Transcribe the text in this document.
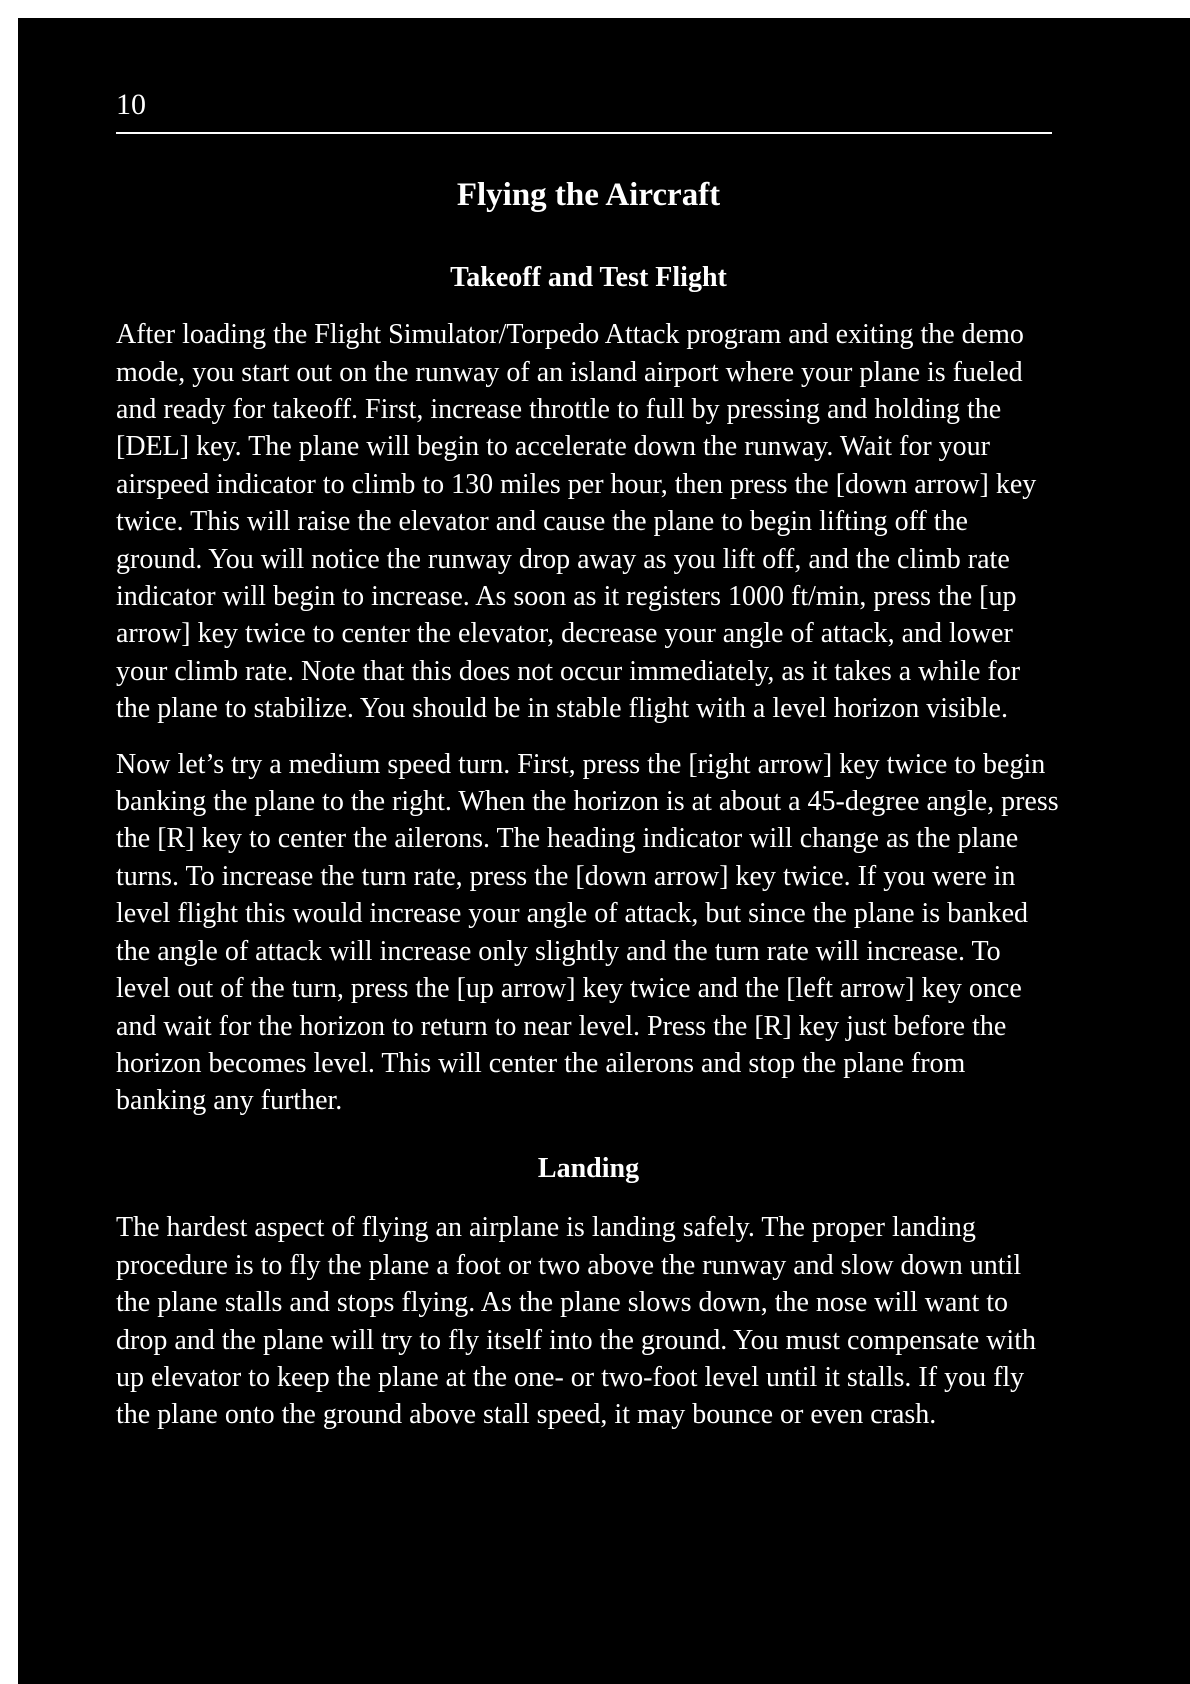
10

Flying the Aircraft
Takeoff and Test Flight

After loading the Flight Simulator/Torpedo Attack program and exiting the demo mode, you start out on the runway of an island airport where your plane is fueled and ready for takeoff. First, increase throttle to full by pressing and holding the [DEL] key. The plane will begin to accelerate down the runway. Wait for your airspeed indicator to climb to 130 miles per hour, then press the [down arrow] key twice. This will raise the elevator and cause the plane to begin lifting off the ground. You will notice the runway drop away as you lift off, and the climb rate indicator will begin to increase. As soon as it registers 1000 ft/min, press the [up arrow] key twice to center the elevator, decrease your angle of attack, and lower your climb rate. Note that this does not occur immediately, as it takes a while for the plane to stabilize. You should be in stable flight with a level horizon visible.

Now let’s try a medium speed turn. First, press the [right arrow] key twice to begin banking the plane to the right. When the horizon is at about a 45-degree angle, press the [R] key to center the ailerons. The heading indicator will change as the plane turns. To increase the turn rate, press the [down arrow] key twice. If you were in level flight this would increase your angle of attack, but since the plane is banked the angle of attack will increase only slightly and the turn rate will increase. To level out of the turn, press the [up arrow] key twice and the [left arrow] key once and wait for the horizon to return to near level. Press the [R] key just before the horizon becomes level. This will center the ailerons and stop the plane from banking any further.

Landing

The hardest aspect of flying an airplane is landing safely. The proper landing procedure is to fly the plane a foot or two above the runway and slow down until the plane stalls and stops flying. As the plane slows down, the nose will want to drop and the plane will try to fly itself into the ground. You must compensate with up elevator to keep the plane at the one- or two-foot level until it stalls. If you fly the plane onto the ground above stall speed, it may bounce or even crash.
